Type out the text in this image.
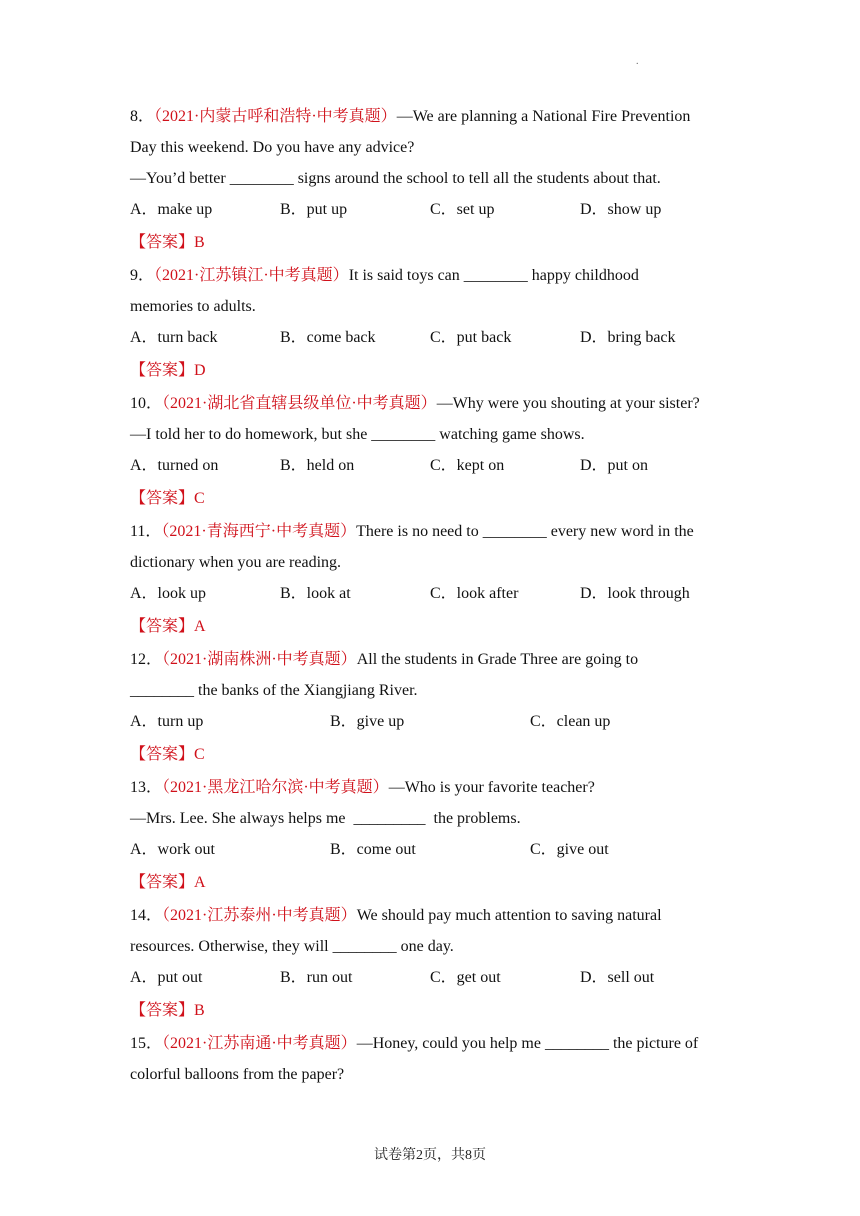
.
8．（2021·内蒙古呼和浩特·中考真题）—We are planning a National Fire Prevention
Day this weekend. Do you have any advice?
—You’d better ________ signs around the school to tell all the students about that.
A．make up	B．put up	C．set up	D．show up
【答案】B
9．（2021·江苏镇江·中考真题）It is said toys can ________ happy childhood
memories to adults.
A．turn back	B．come back	C．put back	D．bring back
【答案】D
10．（2021·湖北省直辖县级单位·中考真题）—Why were you shouting at your sister?
—I told her to do homework, but she ________ watching game shows.
A．turned on	B．held on	C．kept on	D．put on
【答案】C
11．（2021·青海西宁·中考真题）There is no need to ________ every new word in the
dictionary when you are reading.
A．look up	B．look at	C．look after	D．look through
【答案】A
12．（2021·湖南株洲·中考真题）All the students in Grade Three are going to
________ the banks of the Xiangjiang River.
A．turn up	B．give up	C．clean up
【答案】C
13．（2021·黑龙江哈尔滨·中考真题）—Who is your favorite teacher?
—Mrs. Lee. She always helps me  _________  the problems.
A．work out	B．come out	C．give out
【答案】A
14．（2021·江苏泰州·中考真题）We should pay much attention to saving natural
resources. Otherwise, they will ________ one day.
A．put out	B．run out	C．get out	D．sell out
【答案】B
15．（2021·江苏南通·中考真题）—Honey, could you help me ________ the picture of
colorful balloons from the paper?
试卷第2页，共8页
